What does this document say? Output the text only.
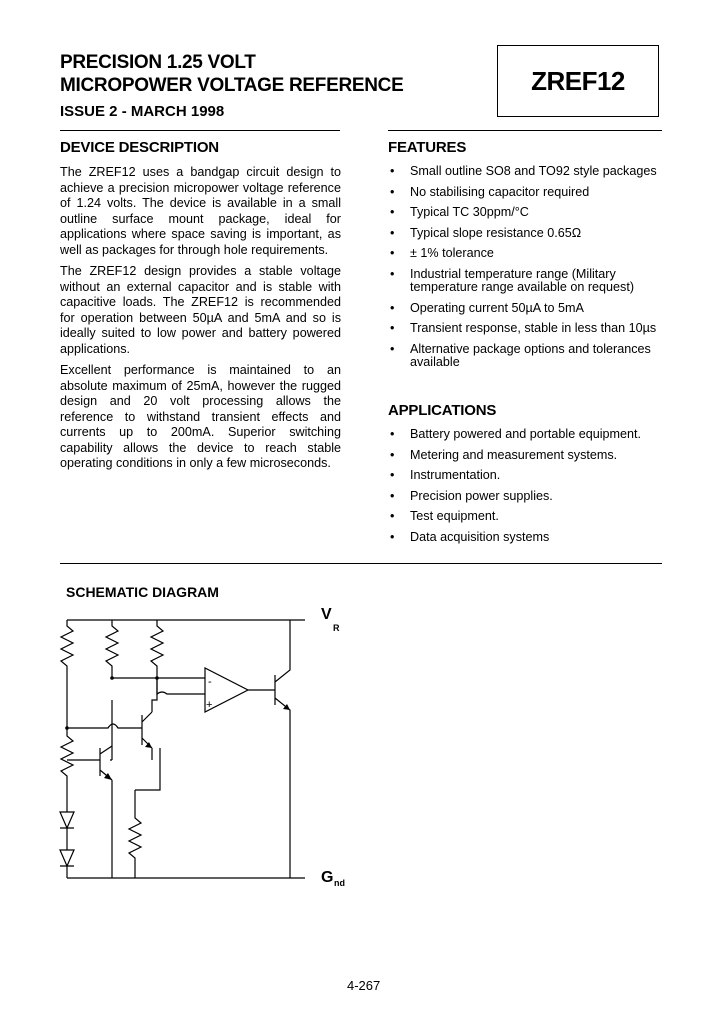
PRECISION 1.25 VOLT
MICROPOWER VOLTAGE REFERENCE
ISSUE 2 - MARCH 1998
ZREF12
DEVICE DESCRIPTION	FEATURES

The ZREF12 uses a bandgap circuit design to achieve a precision micropower voltage reference of 1.24 volts. The device is available in a small outline surface mount package, ideal for applications where space saving is important, as well as packages for through hole requirements.

The ZREF12 design provides a stable voltage without an external capacitor and is stable with capacitive loads. The ZREF12 is recommended for operation between 50µA and 5mA and so is ideally suited to low power and battery powered applications.

Excellent performance is maintained to an absolute maximum of 25mA, however the rugged design and 20 volt processing allows the reference to withstand transient effects and currents up to 200mA. Superior switching capability allows the device to reach stable operating conditions in only a few microseconds.

• Small outline SO8 and TO92 style packages
• No stabilising capacitor required
• Typical TC 30ppm/°C
• Typical slope resistance 0.65Ω
• ± 1% tolerance
• Industrial temperature range (Military temperature range available on request)
• Operating current 50µA to 5mA
• Transient response, stable in less than 10µs
• Alternative package options and tolerances available
APPLICATIONS
• Battery powered and portable equipment.
• Metering and measurement systems.
• Instrumentation.
• Precision power supplies.
• Test equipment.
• Data acquisition systems
SCHEMATIC DIAGRAM
-
+
V
R
G nd
4-267
